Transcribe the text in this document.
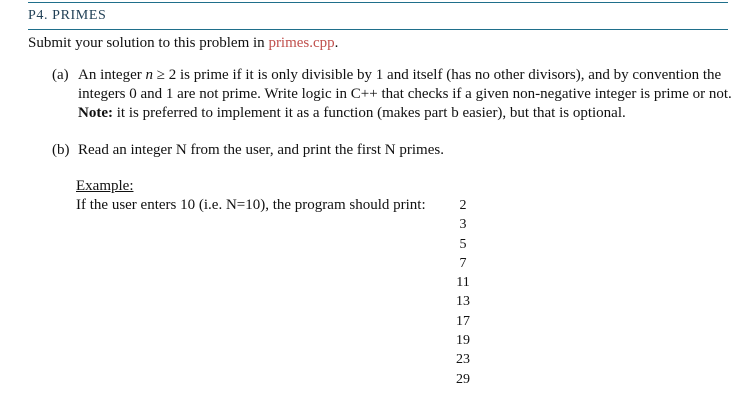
P4. PRIMES
Submit your solution to this problem in primes.cpp.
(a) An integer n ≥ 2 is prime if it is only divisible by 1 and itself (has no other divisors), and by convention the integers 0 and 1 are not prime. Write logic in C++ that checks if a given non-negative integer is prime or not. Note: it is preferred to implement it as a function (makes part b easier), but that is optional.
(b) Read an integer N from the user, and print the first N primes.
Example:
If the user enters 10 (i.e. N=10), the program should print:	2
3
5
7
11
13
17
19
23
29
